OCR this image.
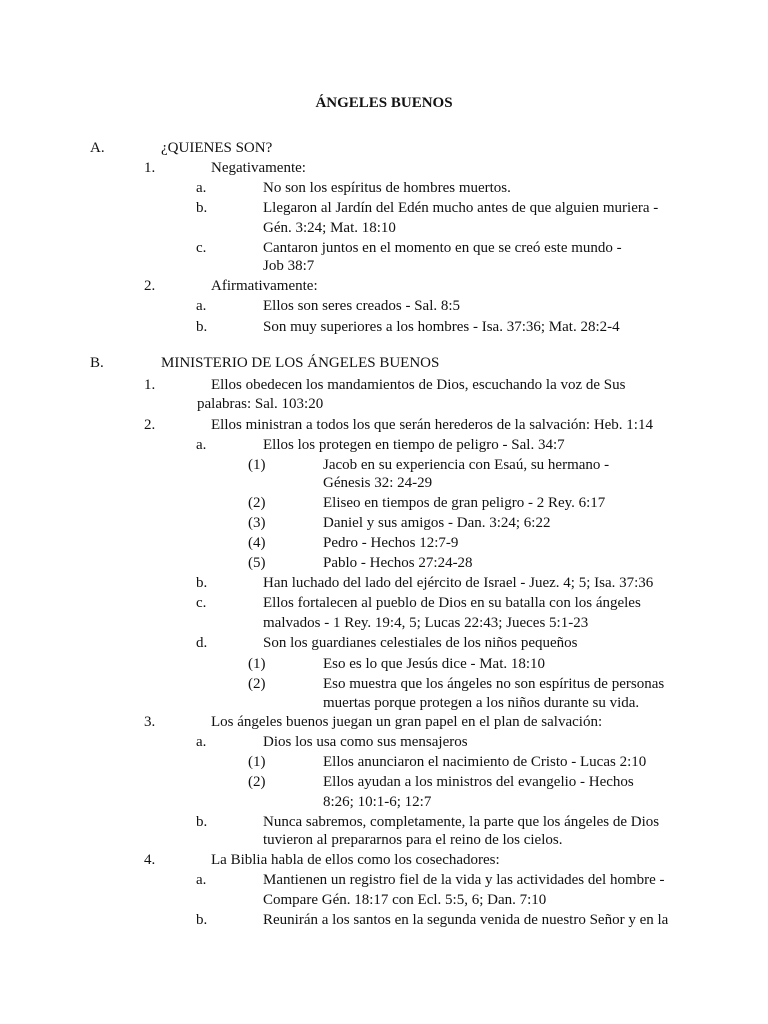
ÁNGELES BUENOS
A.	¿QUIENES SON?
1.	Negativamente:
a.	No son los espíritus de hombres muertos.
b.	Llegaron al Jardín del Edén mucho antes de que alguien muriera -
Gén. 3:24; Mat. 18:10
c.	Cantaron juntos en el momento en que se creó este mundo -
Job 38:7
2.	Afirmativamente:
a.	Ellos son seres creados - Sal. 8:5
b.	Son muy superiores a los hombres - Isa. 37:36; Mat. 28:2-4
B.	MINISTERIO DE LOS ÁNGELES BUENOS
1.	Ellos obedecen los mandamientos de Dios, escuchando la voz de Sus
palabras: Sal. 103:20
2.	Ellos ministran a todos los que serán herederos de la salvación: Heb. 1:14
a.	Ellos los protegen en tiempo de peligro - Sal. 34:7
(1)	Jacob en su experiencia con Esaú, su hermano -
Génesis 32: 24-29
(2)	Eliseo en tiempos de gran peligro - 2 Rey. 6:17
(3)	Daniel y sus amigos - Dan. 3:24; 6:22
(4)	Pedro - Hechos 12:7-9
(5)	Pablo - Hechos 27:24-28
b.	Han luchado del lado del ejército de Israel - Juez. 4; 5; Isa. 37:36
c.	Ellos fortalecen al pueblo de Dios en su batalla con los ángeles
malvados - 1 Rey. 19:4, 5; Lucas 22:43; Jueces 5:1-23
d.	Son los guardianes celestiales de los niños pequeños
(1)	Eso es lo que Jesús dice - Mat. 18:10
(2)	Eso muestra que los ángeles no son espíritus de personas
muertas porque protegen a los niños durante su vida.
3.	Los ángeles buenos juegan un gran papel en el plan de salvación:
a.	Dios los usa como sus mensajeros
(1)	Ellos anunciaron el nacimiento de Cristo - Lucas 2:10
(2)	Ellos ayudan a los ministros del evangelio - Hechos
8:26; 10:1-6; 12:7
b.	Nunca sabremos, completamente, la parte que los ángeles de Dios
tuvieron al prepararnos para el reino de los cielos.
4.	La Biblia habla de ellos como los cosechadores:
a.	Mantienen un registro fiel de la vida y las actividades del hombre -
Compare Gén. 18:17 con Ecl. 5:5, 6; Dan. 7:10
b.	Reunirán a los santos en la segunda venida de nuestro Señor y en la
